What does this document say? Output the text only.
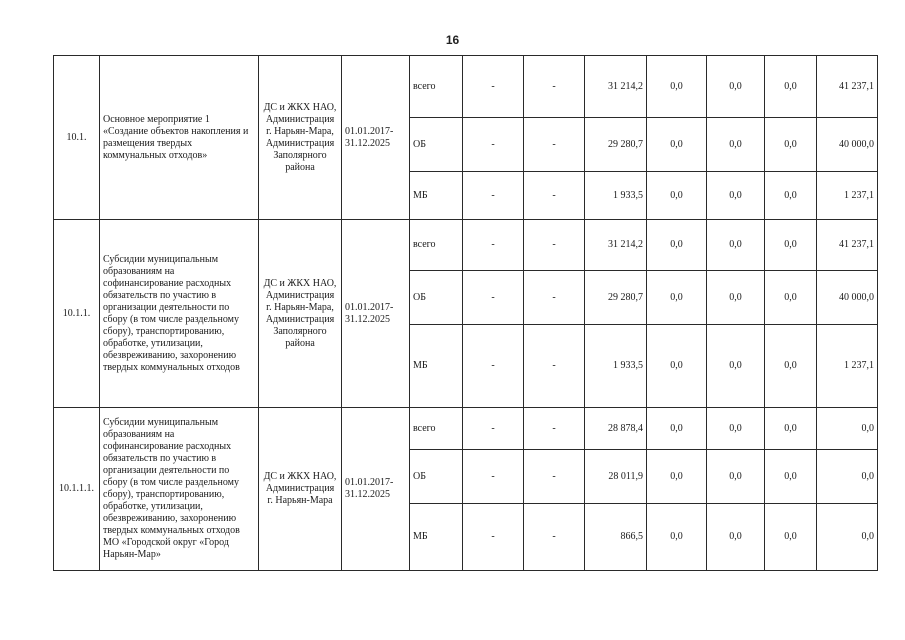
16
10.1.	Основное мероприятие 1 «Создание объектов накопления и размещения твердых коммунальных отходов»	ДС и ЖКХ НАО, Администрация г. Нарьян-Мара, Администрация Заполярного района	01.01.2017-31.12.2025	всего	-	-	31 214,2	0,0	0,0	0,0	41 237,1
				ОБ	-	-	29 280,7	0,0	0,0	0,0	40 000,0
				МБ	-	-	1 933,5	0,0	0,0	0,0	1 237,1
10.1.1.	Субсидии муниципальным образованиям на софинансирование расходных обязательств по участию в организации деятельности по сбору (в том числе раздельному сбору), транспортированию, обработке, утилизации, обезвреживанию, захоронению твердых коммунальных отходов	ДС и ЖКХ НАО, Администрация г. Нарьян-Мара, Администрация Заполярного района	01.01.2017-31.12.2025	всего	-	-	31 214,2	0,0	0,0	0,0	41 237,1
				ОБ	-	-	29 280,7	0,0	0,0	0,0	40 000,0
				МБ	-	-	1 933,5	0,0	0,0	0,0	1 237,1
10.1.1.1.	Субсидии муниципальным образованиям на софинансирование расходных обязательств по участию в организации деятельности по сбору (в том числе раздельному сбору), транспортированию, обработке, утилизации, обезвреживанию, захоронению твердых коммунальных отходов МО «Городской округ «Город Нарьян-Мар»	ДС и ЖКХ НАО, Администрация г. Нарьян-Мара	01.01.2017-31.12.2025	всего	-	-	28 878,4	0,0	0,0	0,0	0,0
				ОБ	-	-	28 011,9	0,0	0,0	0,0	0,0
				МБ	-	-	866,5	0,0	0,0	0,0	0,0
